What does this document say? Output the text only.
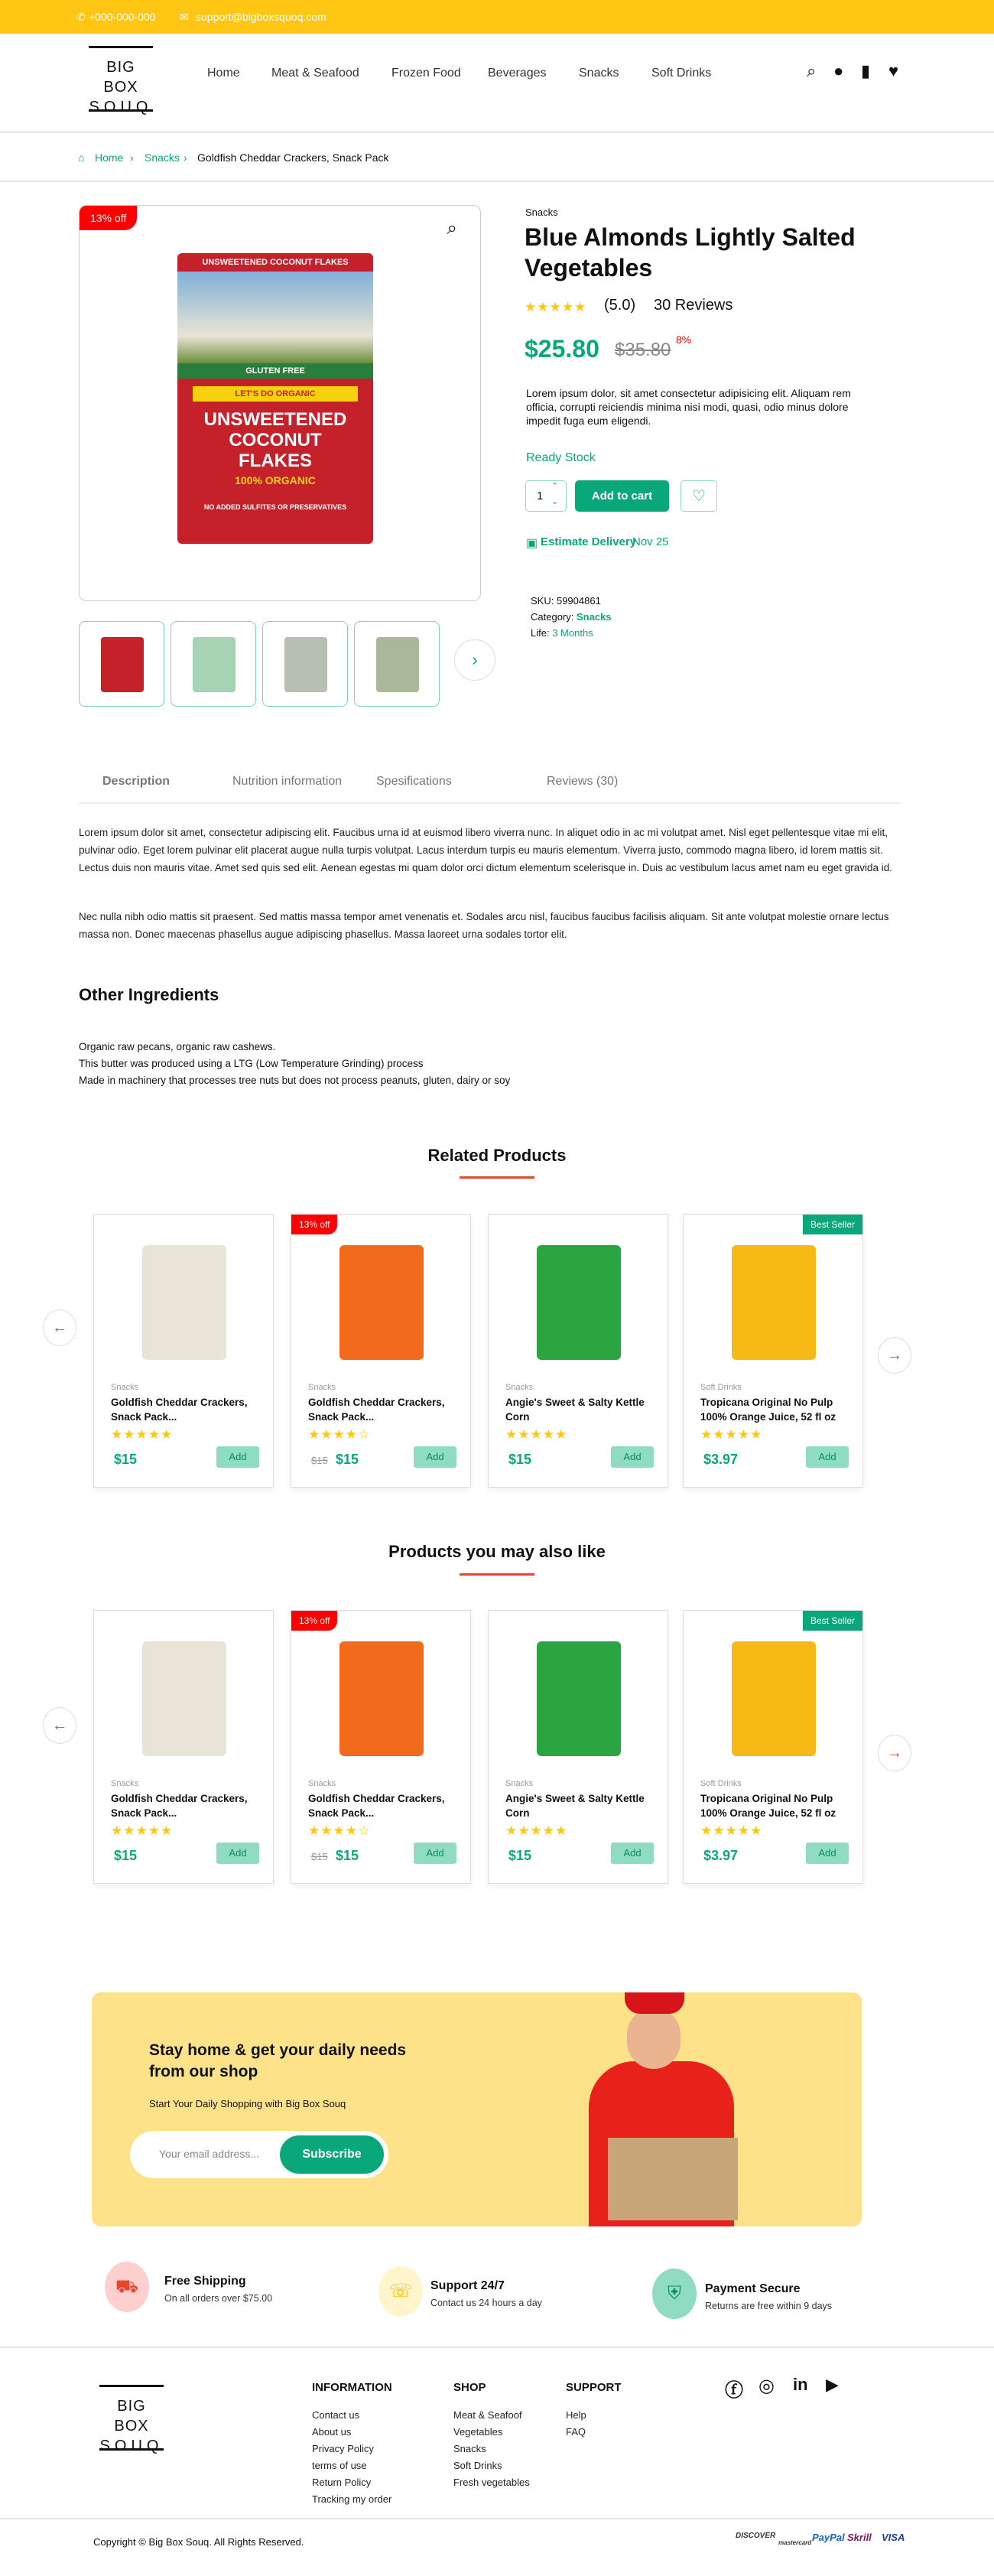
✆ +000-000-000 ✉ support@bigboxsquoq.com
BIG BOX
SOUQ
Home	Meat & Seafood	Frozen Food Beverages	Snacks	Soft Drinks	⌕ ● ▮ ♥
⌂ Home › Snacks › Goldfish Cheddar Crackers, Snack Pack
13% off	⌕
UNSWEETENED COCONUT FLAKES
GLUTEN FREE
LET'S DO ORGANIC
UNSWEETENED COCONUT FLAKES
100% ORGANIC
NO ADDED SULFITES OR PRESERVATIVES
›
Snacks
Blue Almonds Lightly Salted Vegetables
★★★★★ (5.0) 30 Reviews
$25.80 $35.80 8%
Lorem ipsum dolor, sit amet consectetur adipisicing elit. Aliquam rem officia, corrupti reiciendis minima nisi modi, quasi, odio minus dolore impedit fuga eum eligendi.
Ready Stock
1
⌃
⌄	Add to cart	♡
▣ Estimate Delivery
Nov 25
SKU: 59904861
Category: Snacks
Life: 3 Months
Description	Nutrition information	Spesifications	Reviews (30)
Lorem ipsum dolor sit amet, consectetur adipiscing elit. Faucibus urna id at euismod libero viverra nunc. In aliquet odio in ac mi volutpat amet. Nisl eget pellentesque vitae mi elit, pulvinar odio. Eget lorem pulvinar elit placerat augue nulla turpis volutpat. Lacus interdum turpis eu mauris elementum. Viverra justo, commodo magna libero, id lorem mattis sit. Lectus duis non mauris vitae. Amet sed quis sed elit. Aenean egestas mi quam dolor orci dictum elementum scelerisque in. Duis ac vestibulum lacus amet nam eu eget gravida id.
Nec nulla nibh odio mattis sit praesent. Sed mattis massa tempor amet venenatis et. Sodales arcu nisl, faucibus faucibus facilisis aliquam. Sit ante volutpat molestie ornare lectus massa non. Donec maecenas phasellus augue adipiscing phasellus. Massa laoreet urna sodales tortor elit.
Other Ingredients
Organic raw pecans, organic raw cashews.
This butter was produced using a LTG (Low Temperature Grinding) process
Made in machinery that processes tree nuts but does not process peanuts, gluten, dairy or soy
Related Products
Snacks
Goldfish Cheddar Crackers, Snack Pack...
★★★★★
$15	Add
13% off
Snacks
Goldfish Cheddar Crackers, Snack Pack...
★★★★☆
$15 $15	Add
Snacks
Angie's Sweet & Salty Kettle Corn
★★★★★
$15	Add
Best Seller
Soft Drinks
Tropicana Original No Pulp 100% Orange Juice, 52 fl oz
★★★★★
$3.97	Add
←
→
Products you may also like
Snacks
Goldfish Cheddar Crackers, Snack Pack...
★★★★★
$15	Add
13% off
Snacks
Goldfish Cheddar Crackers, Snack Pack...
★★★★☆
$15 $15	Add
Snacks
Angie's Sweet & Salty Kettle Corn
★★★★★
$15	Add
Best Seller
Soft Drinks
Tropicana Original No Pulp 100% Orange Juice, 52 fl oz
★★★★★
$3.97	Add
←
→
Stay home & get your daily needs from our shop
Start Your Daily Shopping with Big Box Souq
Your email address...	Subscribe
⛟	Free Shipping
On all orders over $75.00	☏	Support 24/7
Contact us 24 hours a day	⛨	Payment Secure
Returns are free within 9 days
BIG BOX
SOUQ
INFORMATION
Contact us
About us
Privacy Policy
terms of use
Return Policy
Tracking my order
SHOP
Meat & Seafoof
Vegetables
Snacks
Soft Drinks
Fresh vegetables
SUPPORT
Help
FAQ
ⓕ ◎ in ▶
Copyright © Big Box Souq. All Rights Reserved.
DISCOVER
mastercard PayPal Skrill VISA
